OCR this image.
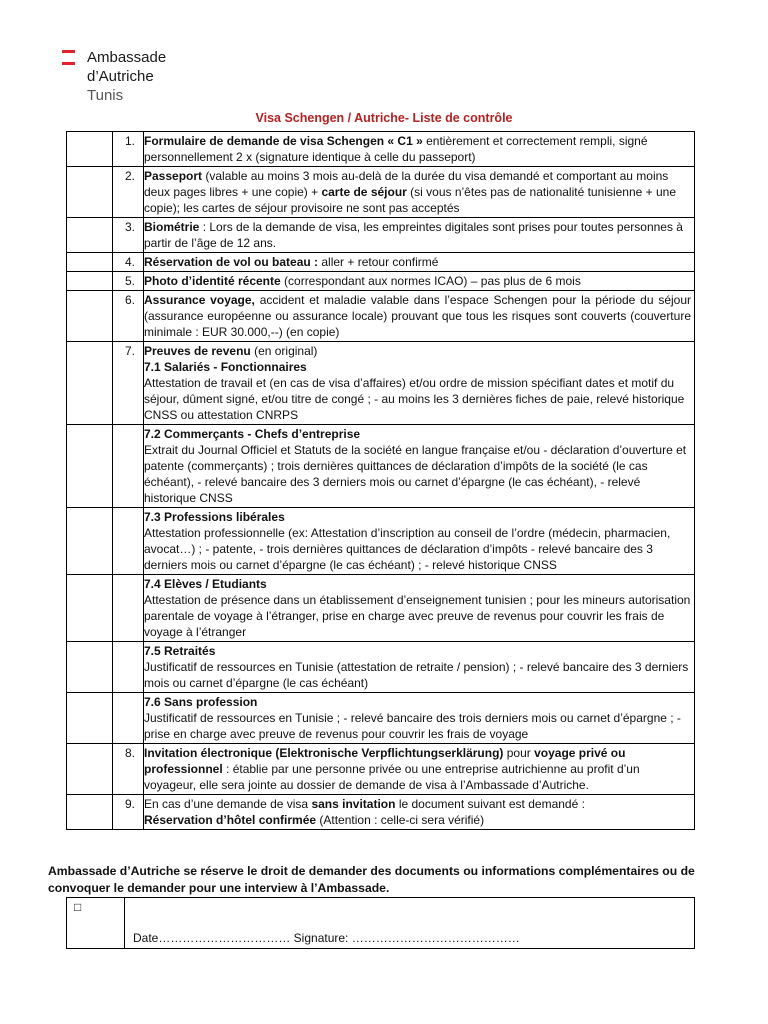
Ambassade
d’Autriche
Tunis
Visa Schengen / Autriche- Liste de contrôle
	1.	Formulaire de demande de visa Schengen « C1 » entièrement et correctement rempli, signé personnellement 2 x (signature identique à celle du passeport)
	2.	Passeport (valable au moins 3 mois au-delà de la durée du visa demandé et comportant au moins deux pages libres + une copie) + carte de séjour (si vous n’êtes pas de nationalité tunisienne + une copie); les cartes de séjour provisoire ne sont pas acceptés
	3.	Biométrie : Lors de la demande de visa, les empreintes digitales sont prises pour toutes personnes à partir de l’âge de 12 ans.
	4.	Réservation de vol ou bateau : aller + retour confirmé
	5.	Photo d’identité récente (correspondant aux normes ICAO) – pas plus de 6 mois
	6.	Assurance voyage, accident et maladie valable dans l’espace Schengen pour la période du séjour (assurance européenne ou assurance locale) prouvant que tous les risques sont couverts (couverture minimale : EUR 30.000,--) (en copie)
	7.	Preuves de revenu (en original)
7.1 Salariés - Fonctionnaires
Attestation de travail et (en cas de visa d’affaires) et/ou ordre de mission spécifiant dates et motif du séjour, dûment signé, et/ou titre de congé ; - au moins les 3 dernières fiches de paie, relevé historique CNSS ou attestation CNRPS

		7.2 Commerçants - Chefs d’entreprise
Extrait du Journal Officiel et Statuts de la société en langue française et/ou - déclaration d’ouverture et patente (commerçants) ; trois dernières quittances de déclaration d’impôts de la société (le cas échéant), - relevé bancaire des 3 derniers mois ou carnet d’épargne (le cas échéant), - relevé historique CNSS

		7.3 Professions libérales
Attestation professionnelle (ex: Attestation d’inscription au conseil de l’ordre (médecin, pharmacien, avocat…) ; - patente, - trois dernières quittances de déclaration d’impôts - relevé bancaire des 3 derniers mois ou carnet d’épargne (le cas échéant) ; - relevé historique CNSS

		7.4 Elèves / Etudiants
Attestation de présence dans un établissement d’enseignement tunisien ; pour les mineurs autorisation parentale de voyage à l’étranger, prise en charge avec preuve de revenus pour couvrir les frais de voyage à l’étranger

		7.5 Retraités
Justificatif de ressources en Tunisie (attestation de retraite / pension) ; - relevé bancaire des 3 derniers mois ou carnet d’épargne (le cas échéant)

		7.6 Sans profession
Justificatif de ressources en Tunisie ; - relevé bancaire des trois derniers mois ou carnet d’épargne ; - prise en charge avec preuve de revenus pour couvrir les frais de voyage

	8.	Invitation électronique (Elektronische Verpflichtungserklärung) pour voyage privé ou professionnel : établie par une personne privée ou une entreprise autrichienne au profit d’un voyageur, elle sera jointe au dossier de demande de visa à l’Ambassade d’Autriche.
	9.	En cas d’une demande de visa sans invitation le document suivant est demandé :
Réservation d’hôtel confirmée (Attention : celle-ci sera vérifié)
Ambassade d’Autriche se réserve le droit de demander des documents ou informations complémentaires ou de convoquer le demander pour une interview à l’Ambassade.
□	Date…………………………… Signature: ……………………………………
